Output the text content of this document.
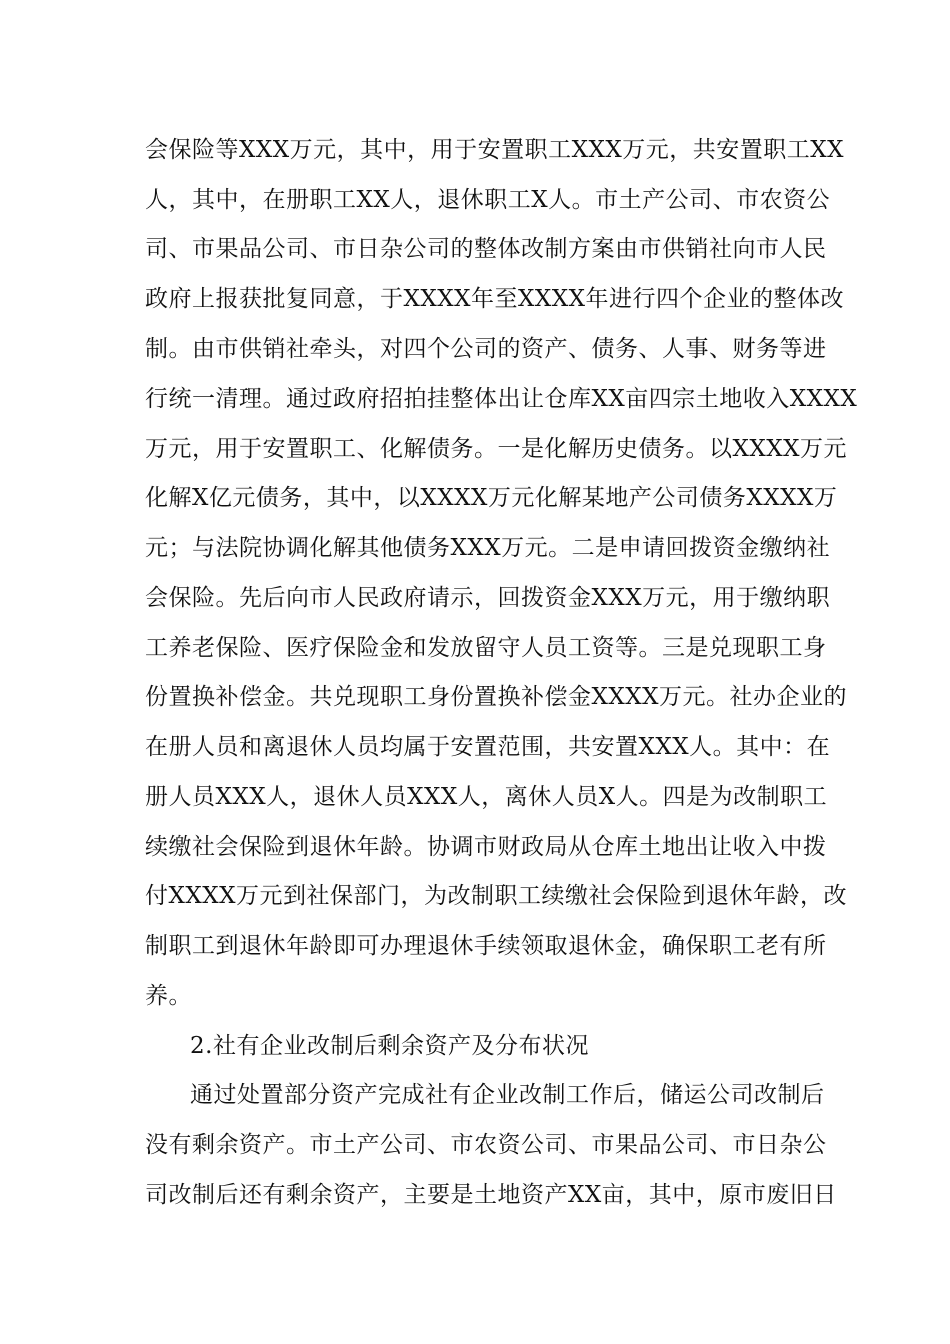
会保险等XXX万元，其中，用于安置职工XXX万元，共安置职工XX
人，其中，在册职工XX人，退休职工X人。市土产公司、市农资公
司、市果品公司、市日杂公司的整体改制方案由市供销社向市人民
政府上报获批复同意，于XXXX年至XXXX年进行四个企业的整体改
制。由市供销社牵头，对四个公司的资产、债务、人事、财务等进
行统一清理。通过政府招拍挂整体出让仓库XX亩四宗土地收入XXXX
万元，用于安置职工、化解债务。一是化解历史债务。以XXXX万元
化解X亿元债务，其中，以XXXX万元化解某地产公司债务XXXX万
元；与法院协调化解其他债务XXX万元。二是申请回拨资金缴纳社
会保险。先后向市人民政府请示，回拨资金XXX万元，用于缴纳职
工养老保险、医疗保险金和发放留守人员工资等。三是兑现职工身
份置换补偿金。共兑现职工身份置换补偿金XXXX万元。社办企业的
在册人员和离退休人员均属于安置范围，共安置XXX人。其中：在
册人员XXX人，退休人员XXX人，离休人员X人。四是为改制职工
续缴社会保险到退休年龄。协调市财政局从仓库土地出让收入中拨
付XXXX万元到社保部门，为改制职工续缴社会保险到退休年龄，改
制职工到退休年龄即可办理退休手续领取退休金，确保职工老有所
养。
2.社有企业改制后剩余资产及分布状况
通过处置部分资产完成社有企业改制工作后，储运公司改制后
没有剩余资产。市土产公司、市农资公司、市果品公司、市日杂公
司改制后还有剩余资产，主要是土地资产XX亩，其中，原市废旧日
